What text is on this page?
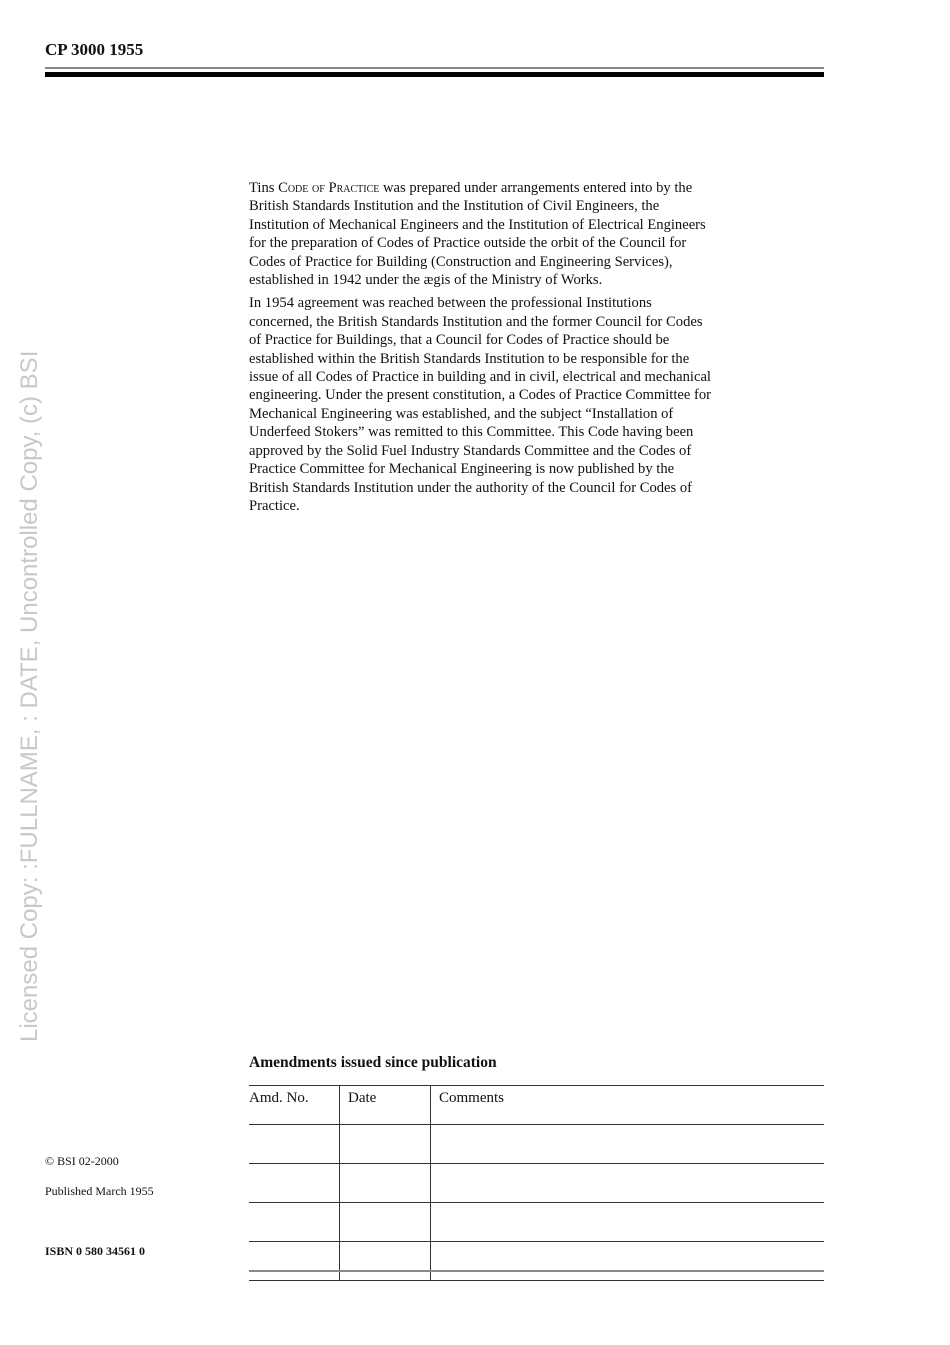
Licensed Copy: :FULLNAME, : DATE, Uncontrolled Copy, (c) BSI
CP 3000 1955

Tins Code of Practice was prepared under arrangements entered into by the
British Standards Institution and the Institution of Civil Engineers, the
Institution of Mechanical Engineers and the Institution of Electrical Engineers
for the preparation of Codes of Practice outside the orbit of the Council for
Codes of Practice for Building (Construction and Engineering Services),
established in 1942 under the ægis of the Ministry of Works.

In 1954 agreement was reached between the professional Institutions
concerned, the British Standards Institution and the former Council for Codes
of Practice for Buildings, that a Council for Codes of Practice should be
established within the British Standards Institution to be responsible for the
issue of all Codes of Practice in building and in civil, electrical and mechanical
engineering. Under the present constitution, a Codes of Practice Committee for
Mechanical Engineering was established, and the subject “Installation of
Underfeed Stokers” was remitted to this Committee. This Code having been
approved by the Solid Fuel Industry Standards Committee and the Codes of
Practice Committee for Mechanical Engineering is now published by the
British Standards Institution under the authority of the Council for Codes of
Practice.

Amendments issued since publication
Amd. No.	Date	Comments

© BSI 02-2000
Published March 1955
ISBN 0 580 34561 0
